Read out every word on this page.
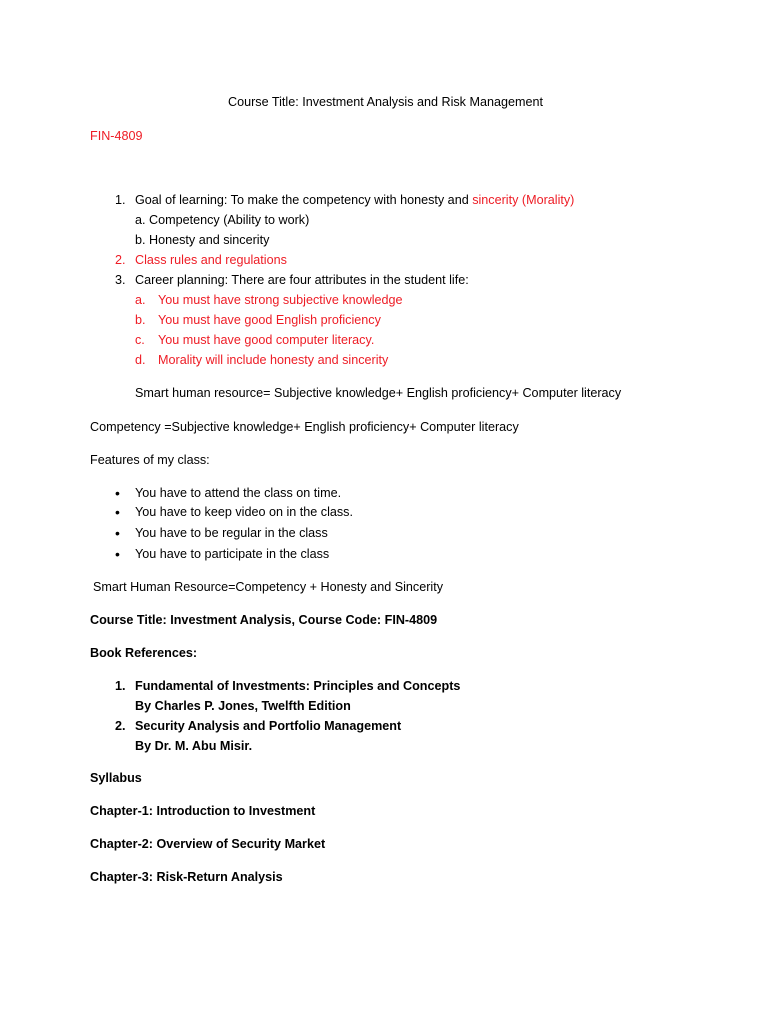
Course Title: Investment Analysis and Risk Management
FIN-4809
1. Goal of learning: To make the competency with honesty and sincerity (Morality)
a. Competency (Ability to work)
b. Honesty and sincerity
2. Class rules and regulations
3. Career planning: There are four attributes in the student life:
a. You must have strong subjective knowledge
b. You must have good English proficiency
c. You must have good computer literacy.
d. Morality will include honesty and sincerity
Smart human resource= Subjective knowledge+ English proficiency+ Computer literacy
Competency =Subjective knowledge+ English proficiency+ Computer literacy
Features of my class:
• You have to attend the class on time.
• You have to keep video on in the class.
• You have to be regular in the class
• You have to participate in the class
Smart Human Resource=Competency + Honesty and Sincerity
Course Title: Investment Analysis, Course Code: FIN-4809
Book References:
1. Fundamental of Investments: Principles and Concepts
By Charles P. Jones, Twelfth Edition
2. Security Analysis and Portfolio Management
By Dr. M. Abu Misir.
Syllabus
Chapter-1: Introduction to Investment
Chapter-2: Overview of Security Market
Chapter-3: Risk-Return Analysis
